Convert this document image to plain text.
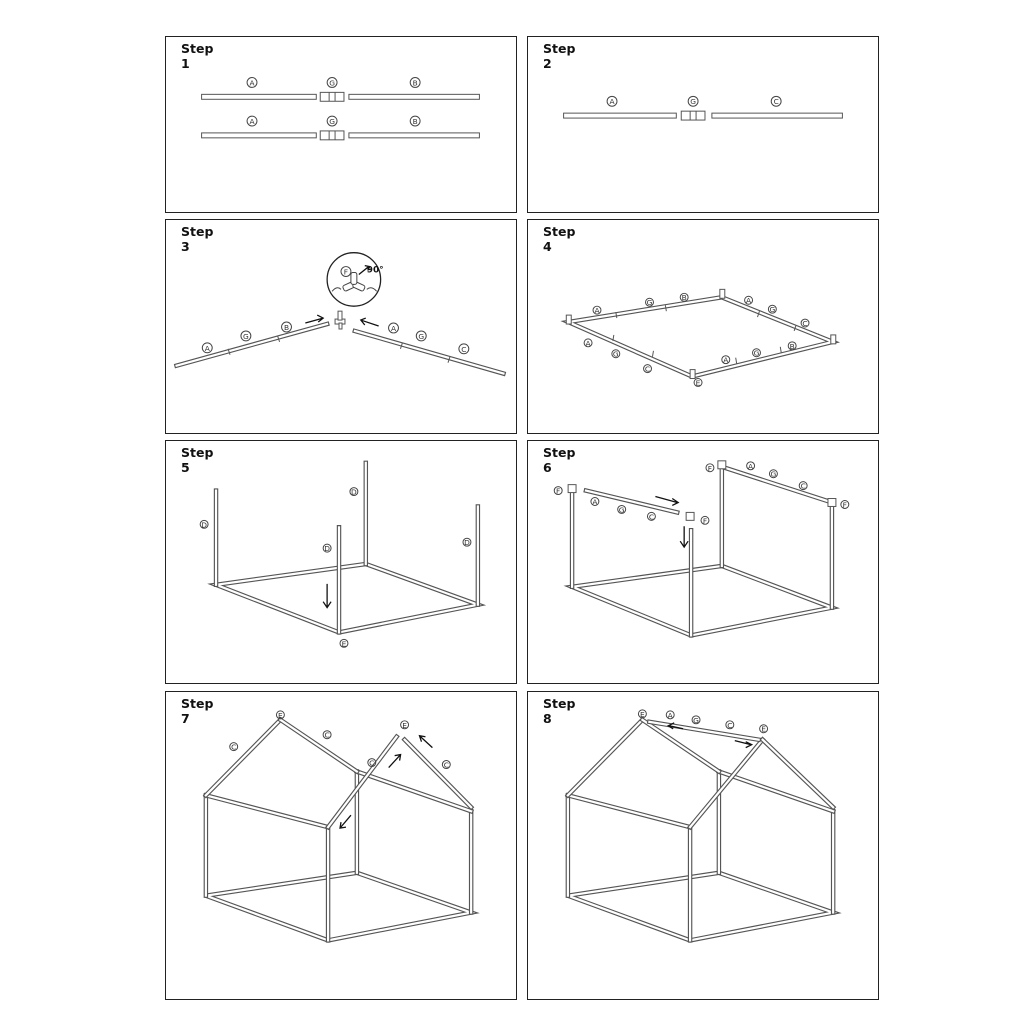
A	G	B
A	G	B
Step 1
A	G	C
Step 2
F 90°
A
G
B	A
G
C
Step 3
A
G
B	A
G
C
A
G
C
A
G
B
E
Step 4
D
D
D
D
E
Step 5
F
A
G
C
F	A
G
C
F
F
Step 6
E
C
C
C
E
C
Step 7	E	A
G
C	E
Step 8
